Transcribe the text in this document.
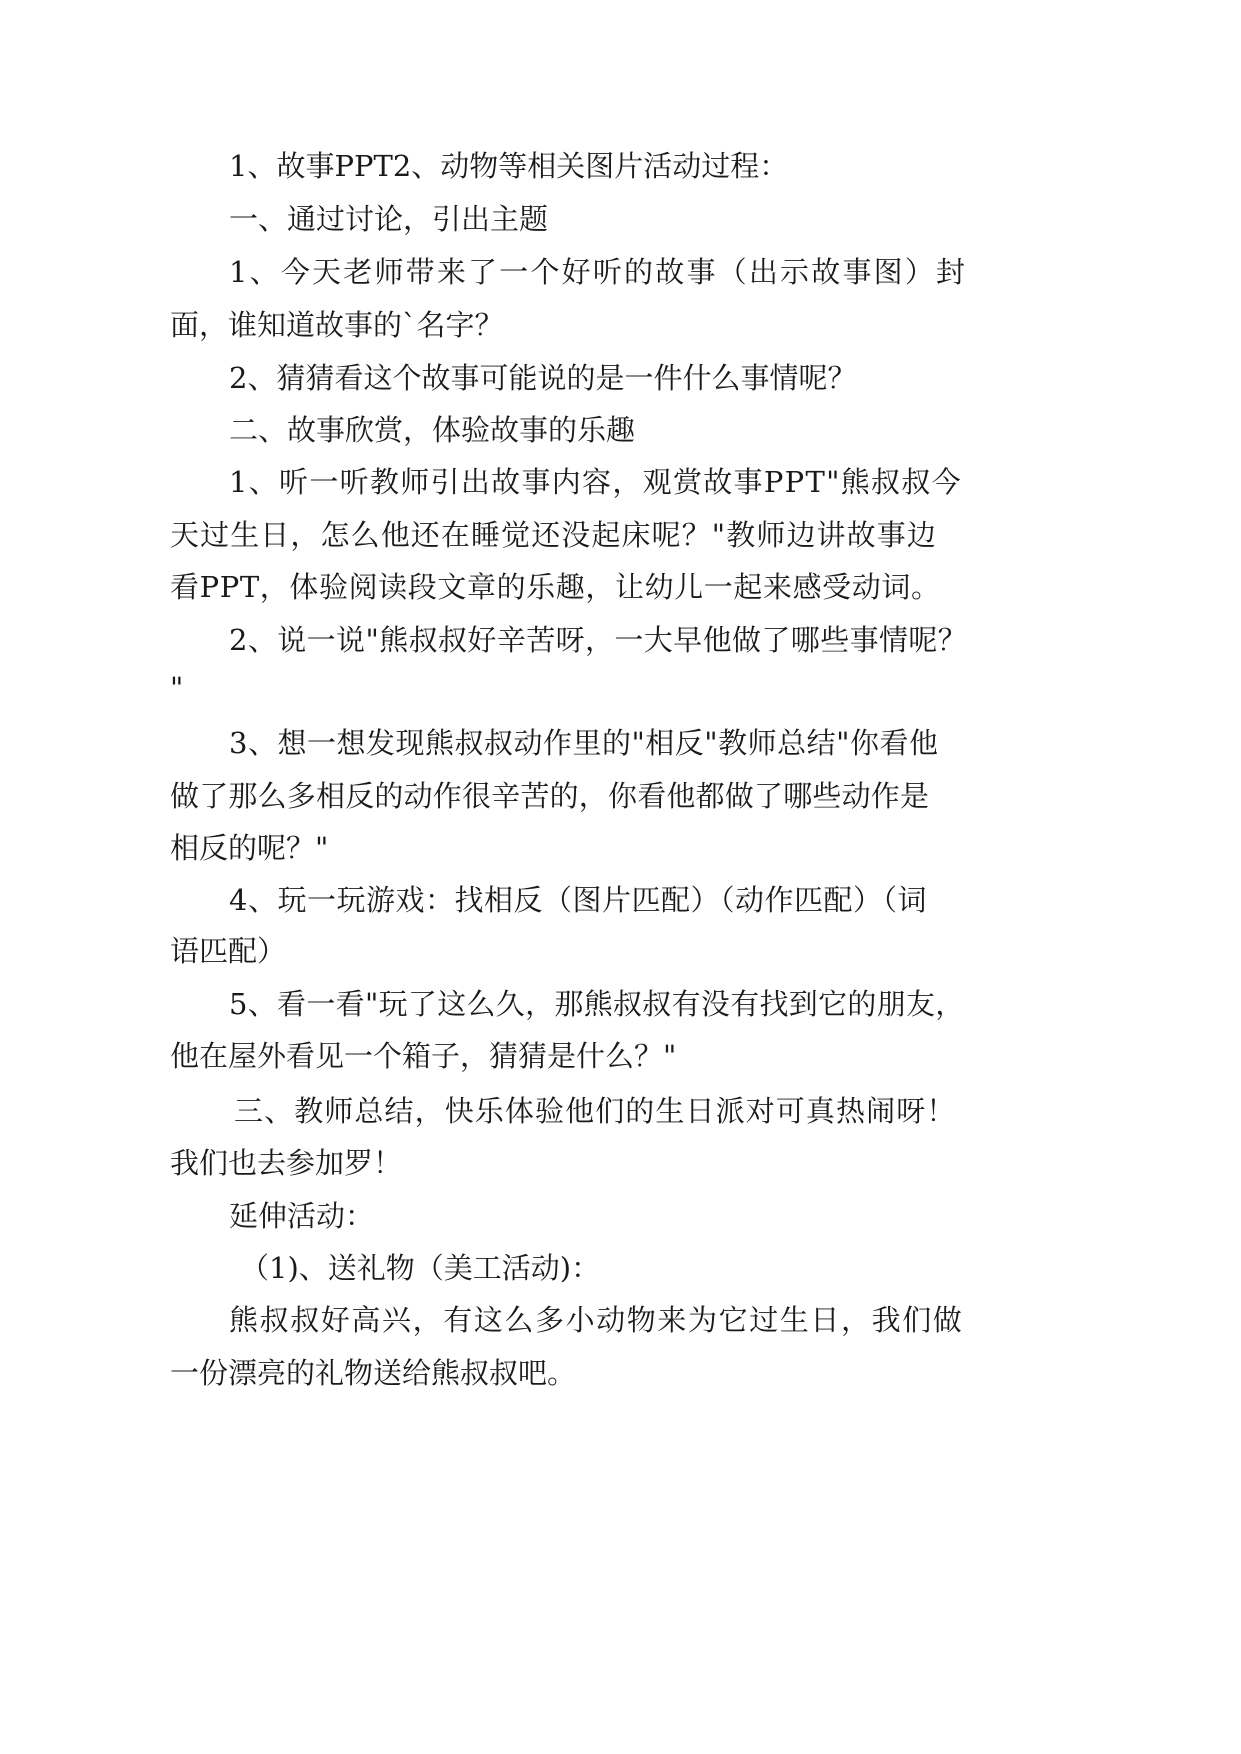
1、故事PPT2、动物等相关图片活动过程：
一、通过讨论，引出主题
1、今天老师带来了一个好听的故事（出示故事图）封
面，谁知道故事的`名字？
2、猜猜看这个故事可能说的是一件什么事情呢？
二、故事欣赏，体验故事的乐趣
1、听一听教师引出故事内容，观赏故事PPT"熊叔叔今
天过生日，怎么他还在睡觉还没起床呢？"教师边讲故事边
看PPT，体验阅读段文章的乐趣，让幼儿一起来感受动词。
2、说一说"熊叔叔好辛苦呀，一大早他做了哪些事情呢？
"
3、想一想发现熊叔叔动作里的"相反"教师总结"你看他
做了那么多相反的动作很辛苦的，你看他都做了哪些动作是
相反的呢？"
4、玩一玩游戏：找相反（图片匹配）（动作匹配）（词
语匹配）
5、看一看"玩了这么久，那熊叔叔有没有找到它的朋友，
他在屋外看见一个箱子，猜猜是什么？"
三、教师总结，快乐体验他们的生日派对可真热闹呀！
我们也去参加罗！
延伸活动：
（1)、送礼物（美工活动)：
熊叔叔好高兴，有这么多小动物来为它过生日，我们做
一份漂亮的礼物送给熊叔叔吧。
